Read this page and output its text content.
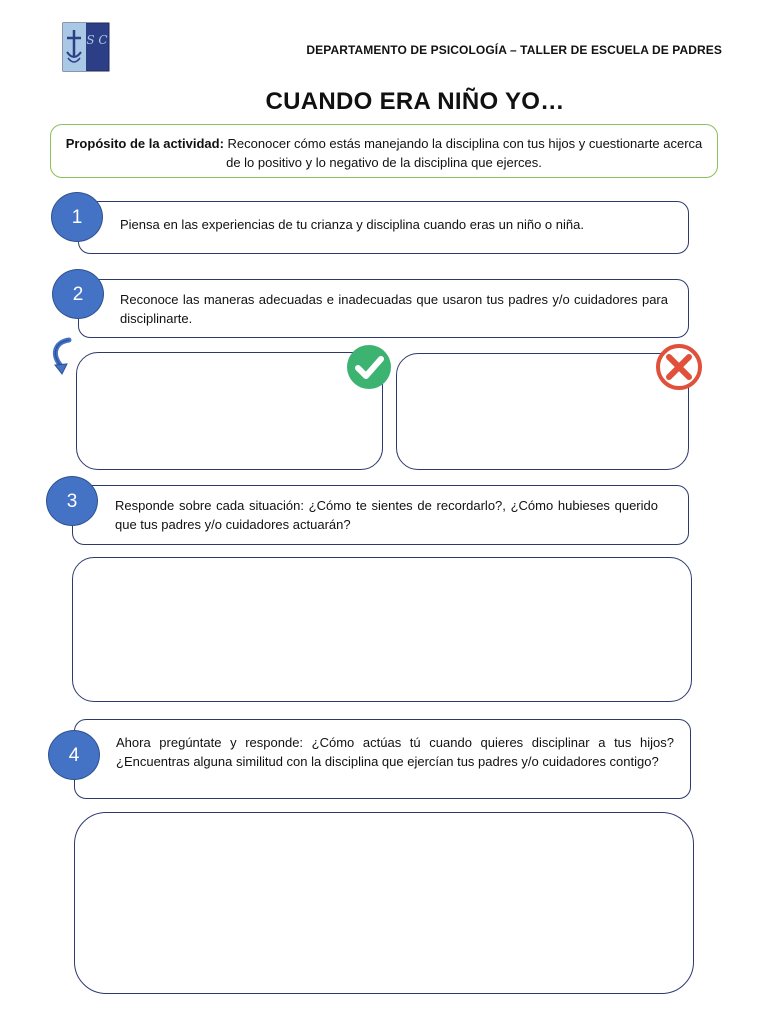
S C
DEPARTAMENTO DE PSICOLOGÍA – TALLER DE ESCUELA DE PADRES
CUANDO ERA NIÑO YO…
Propósito de la actividad: Reconocer cómo estás manejando la disciplina con tus hijos y cuestionarte acerca de lo positivo y lo negativo de la disciplina que ejerces.
Piensa en las experiencias de tu crianza y disciplina cuando eras un niño o niña.
1
Reconoce las maneras adecuadas e inadecuadas que usaron tus padres y/o cuidadores para disciplinarte.
2
Responde sobre cada situación: ¿Cómo te sientes de recordarlo?, ¿Cómo hubieses querido que tus padres y/o cuidadores actuarán?
3
Ahora pregúntate y responde: ¿Cómo actúas tú cuando quieres disciplinar a tus hijos? ¿Encuentras alguna similitud con la disciplina que ejercían tus padres y/o cuidadores contigo?
4
